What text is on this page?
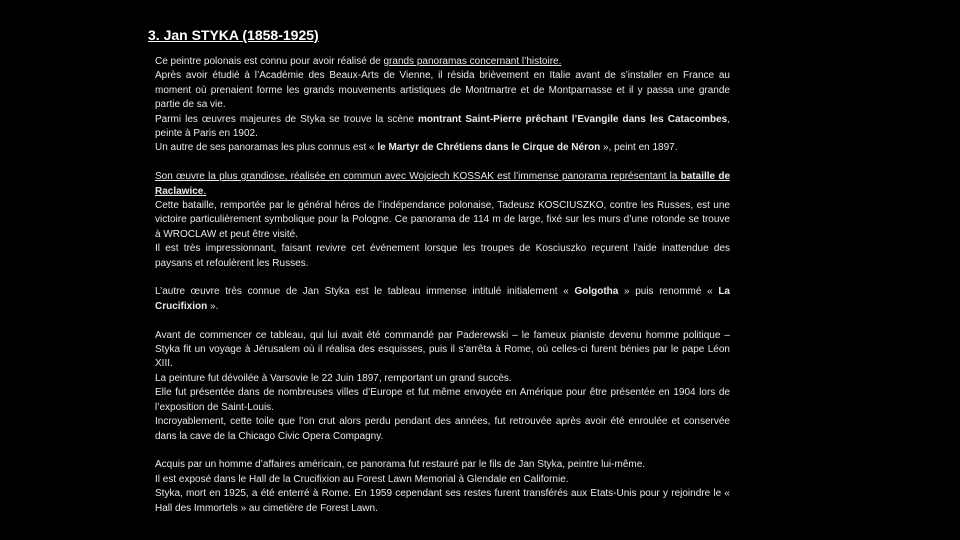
3. Jan STYKA (1858-1925)
Ce peintre polonais est connu pour avoir réalisé de grands panoramas concernant l’histoire.
Après avoir étudié à l’Académie des Beaux-Arts de Vienne, il résida brièvement en Italie avant de s’installer en France au moment où prenaient forme les grands mouvements artistiques de Montmartre et de Montparnasse et il y passa une grande partie de sa vie.
Parmi les œuvres majeures de Styka se trouve la scène montrant Saint-Pierre prêchant l’Evangile dans les Catacombes, peinte à Paris en 1902.
Un autre de ses panoramas les plus connus est « le Martyr de Chrétiens dans le Cirque de Néron », peint en 1897.
Son œuvre la plus grandiose, réalisée en commun avec Wojciech KOSSAK est l’immense panorama représentant la bataille de Raclawice.
Cette bataille, remportée par le général héros de l’indépendance polonaise, Tadeusz KOSCIUSZKO, contre les Russes, est une victoire particulièrement symbolique pour la Pologne. Ce panorama de 114 m de large, fixé sur les murs d’une rotonde se trouve à WROCLAW et peut être visité.
Il est très impressionnant, faisant revivre cet événement lorsque les troupes de Kosciuszko reçurent l’aide inattendue des paysans et refoulèrent les Russes.
L’autre œuvre très connue de Jan Styka est le tableau immense intitulé initialement « Golgotha » puis renommé « La Crucifixion ».
Avant de commencer ce tableau, qui lui avait été commandé par Paderewski – le fameux pianiste devenu homme politique – Styka fit un voyage à Jérusalem où il réalisa des esquisses, puis il s’arrêta à Rome, où celles-ci furent bénies par le pape Léon XIII.
La peinture fut dévoilée à Varsovie le 22 Juin 1897, remportant un grand succès.
Elle fut présentée dans de nombreuses villes d’Europe et fut même envoyée en Amérique pour être présentée en 1904 lors de l’exposition de Saint-Louis.
Incroyablement, cette toile que l’on crut alors perdu pendant des années, fut retrouvée après avoir été enroulée et conservée dans la cave de la Chicago Civic Opera Compagny.
Acquis par un homme d’affaires américain, ce panorama fut restauré par le fils de Jan Styka, peintre lui-même.
Il est exposé dans le Hall de la Crucifixion au Forest Lawn Memorial à Glendale en Californie.
Styka, mort en 1925, a été enterré à Rome. En 1959 cependant ses restes furent transférés aux Etats-Unis pour y rejoindre le « Hall des Immortels » au cimetière de Forest Lawn.
